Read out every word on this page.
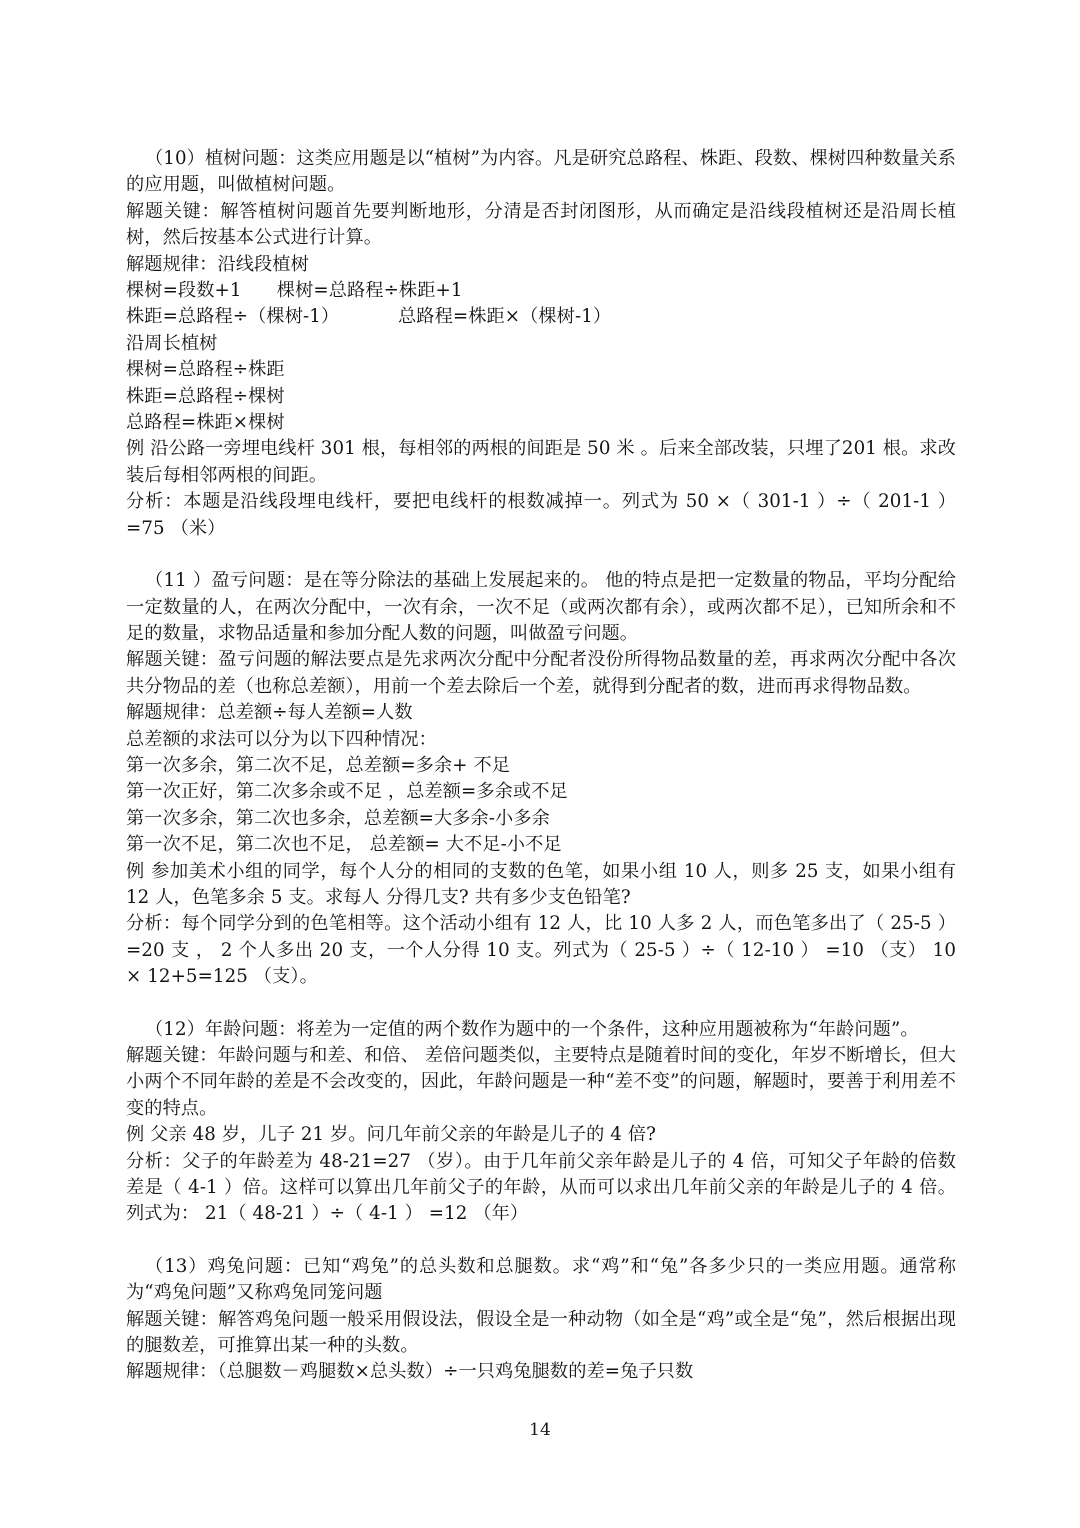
（10）植树问题：这类应用题是以“植树”为内容。凡是研究总路程、株距、段数、棵树四种数量关系的应用题，叫做植树问题。

解题关键：解答植树问题首先要判断地形，分清是否封闭图形，从而确定是沿线段植树还是沿周长植树，然后按基本公式进行计算。

解题规律：沿线段植树

棵树=段数+1      棵树=总路程÷株距+1

株距=总路程÷（棵树-1）          总路程=株距×（棵树-1）

沿周长植树

棵树=总路程÷株距

株距=总路程÷棵树

总路程=株距×棵树

例 沿公路一旁埋电线杆 301 根，每相邻的两根的间距是 50 米 。后来全部改装，只埋了201 根。求改装后每相邻两根的间距。

分析：本题是沿线段埋电线杆，要把电线杆的根数减掉一。列式为 50 ×（ 301-1 ）÷（ 201-1 ）=75 （米）

（11 ）盈亏问题：是在等分除法的基础上发展起来的。 他的特点是把一定数量的物品，平均分配给一定数量的人，在两次分配中，一次有余，一次不足（或两次都有余），或两次都不足），已知所余和不足的数量，求物品适量和参加分配人数的问题，叫做盈亏问题。

解题关键：盈亏问题的解法要点是先求两次分配中分配者没份所得物品数量的差，再求两次分配中各次共分物品的差（也称总差额），用前一个差去除后一个差，就得到分配者的数，进而再求得物品数。

解题规律：总差额÷每人差额=人数

总差额的求法可以分为以下四种情况：

第一次多余，第二次不足，总差额=多余+ 不足

第一次正好，第二次多余或不足 ，总差额=多余或不足

第一次多余，第二次也多余，总差额=大多余-小多余

第一次不足，第二次也不足， 总差额= 大不足-小不足

例 参加美术小组的同学，每个人分的相同的支数的色笔，如果小组 10 人，则多 25 支，如果小组有 12 人，色笔多余 5 支。求每人 分得几支? 共有多少支色铅笔?

分析：每个同学分到的色笔相等。这个活动小组有 12 人，比 10 人多 2 人，而色笔多出了（ 25-5 ）=20 支 ， 2 个人多出 20 支，一个人分得 10 支。列式为（ 25-5 ）÷（ 12-10 ） =10 （支） 10 × 12+5=125 （支）。

（12）年龄问题：将差为一定值的两个数作为题中的一个条件，这种应用题被称为“年龄问题”。

解题关键：年龄问题与和差、和倍、 差倍问题类似，主要特点是随着时间的变化，年岁不断增长，但大小两个不同年龄的差是不会改变的，因此，年龄问题是一种“差不变”的问题，解题时，要善于利用差不变的特点。

例 父亲 48 岁，儿子 21 岁。问几年前父亲的年龄是儿子的 4 倍?

分析：父子的年龄差为 48-21=27 （岁）。由于几年前父亲年龄是儿子的 4 倍，可知父子年龄的倍数差是（ 4-1 ）倍。这样可以算出几年前父子的年龄，从而可以求出几年前父亲的年龄是儿子的 4 倍。列式为： 21（ 48-21 ）÷（ 4-1 ） =12 （年）

（13）鸡兔问题：已知“鸡兔”的总头数和总腿数。求“鸡”和“兔”各多少只的一类应用题。通常称为“鸡兔问题”又称鸡兔同笼问题

解题关键：解答鸡兔问题一般采用假设法，假设全是一种动物（如全是“鸡”或全是“兔”，然后根据出现的腿数差，可推算出某一种的头数。

解题规律：（总腿数－鸡腿数×总头数）÷一只鸡兔腿数的差=兔子只数

14
